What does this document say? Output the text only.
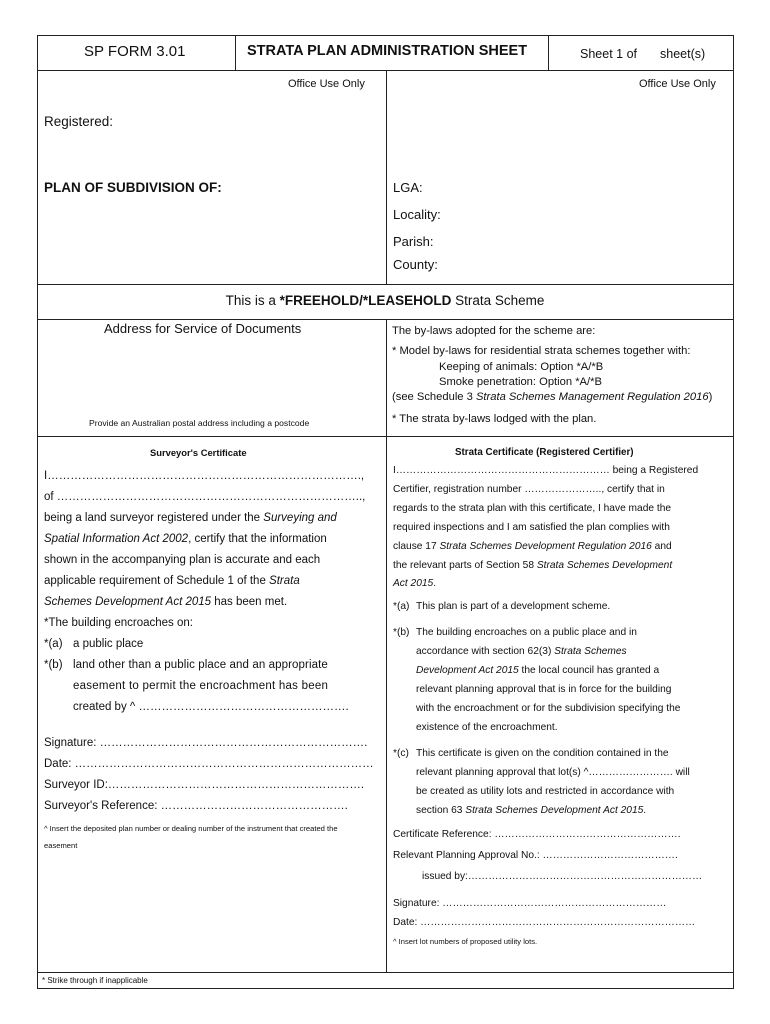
SP FORM 3.01	STRATA PLAN ADMINISTRATION SHEET	Sheet 1 of sheet(s)
Office Use Only	Office Use Only
Registered:
PLAN OF SUBDIVISION OF:	LGA:
Locality:
Parish:
County:
This is a *FREEHOLD/*LEASEHOLD Strata Scheme
Address for Service of Documents
Provide an Australian postal address including a postcode
The by-laws adopted for the scheme are:
* Model by-laws for residential strata schemes together with:
Keeping of animals: Option *A/*B
Smoke penetration: Option *A/*B
(see Schedule 3 Strata Schemes Management Regulation 2016)
* The strata by-laws lodged with the plan.
Surveyor's Certificate
I……………………………………………………………………….,
of ……………………………………………………………………..,
being a land surveyor registered under the Surveying and
Spatial Information Act 2002, certify that the information
shown in the accompanying plan is accurate and each
applicable requirement of Schedule 1 of the Strata
Schemes Development Act 2015 has been met.
*The building encroaches on:
*(a) a public place
*(b) land other than a public place and an appropriate
easement to permit the encroachment has been
created by ^ ……………………………………………….
Signature: …………………………………………………………….
Date: ……………………………………………………………………
Surveyor ID:………………………………………………………….
Surveyor's Reference: ………………………………………….
^ Insert the deposited plan number or dealing number of the instrument that created the
easement
Strata Certificate (Registered Certifier)
I……………………………………………………… being a Registered
Certifier, registration number ………………….., certify that in
regards to the strata plan with this certificate, I have made the
required inspections and I am satisfied the plan complies with
clause 17 Strata Schemes Development Regulation 2016 and
the relevant parts of Section 58 Strata Schemes Development
Act 2015.
*(a) This plan is part of a development scheme.
*(b) The building encroaches on a public place and in
accordance with section 62(3) Strata Schemes
Development Act 2015 the local council has granted a
relevant planning approval that is in force for the building
with the encroachment or for the subdivision specifying the
existence of the encroachment.
*(c) This certificate is given on the condition contained in the
relevant planning approval that lot(s) ^……………………. will
be created as utility lots and restricted in accordance with
section 63 Strata Schemes Development Act 2015.
Certificate Reference: ……………………………………………….
Relevant Planning Approval No.: ………………………………….
issued by:……………………………………………………………
Signature: …………………………………………………………
Date: ………………………………………………………………………
^ Insert lot numbers of proposed utility lots.
* Strike through if inapplicable
